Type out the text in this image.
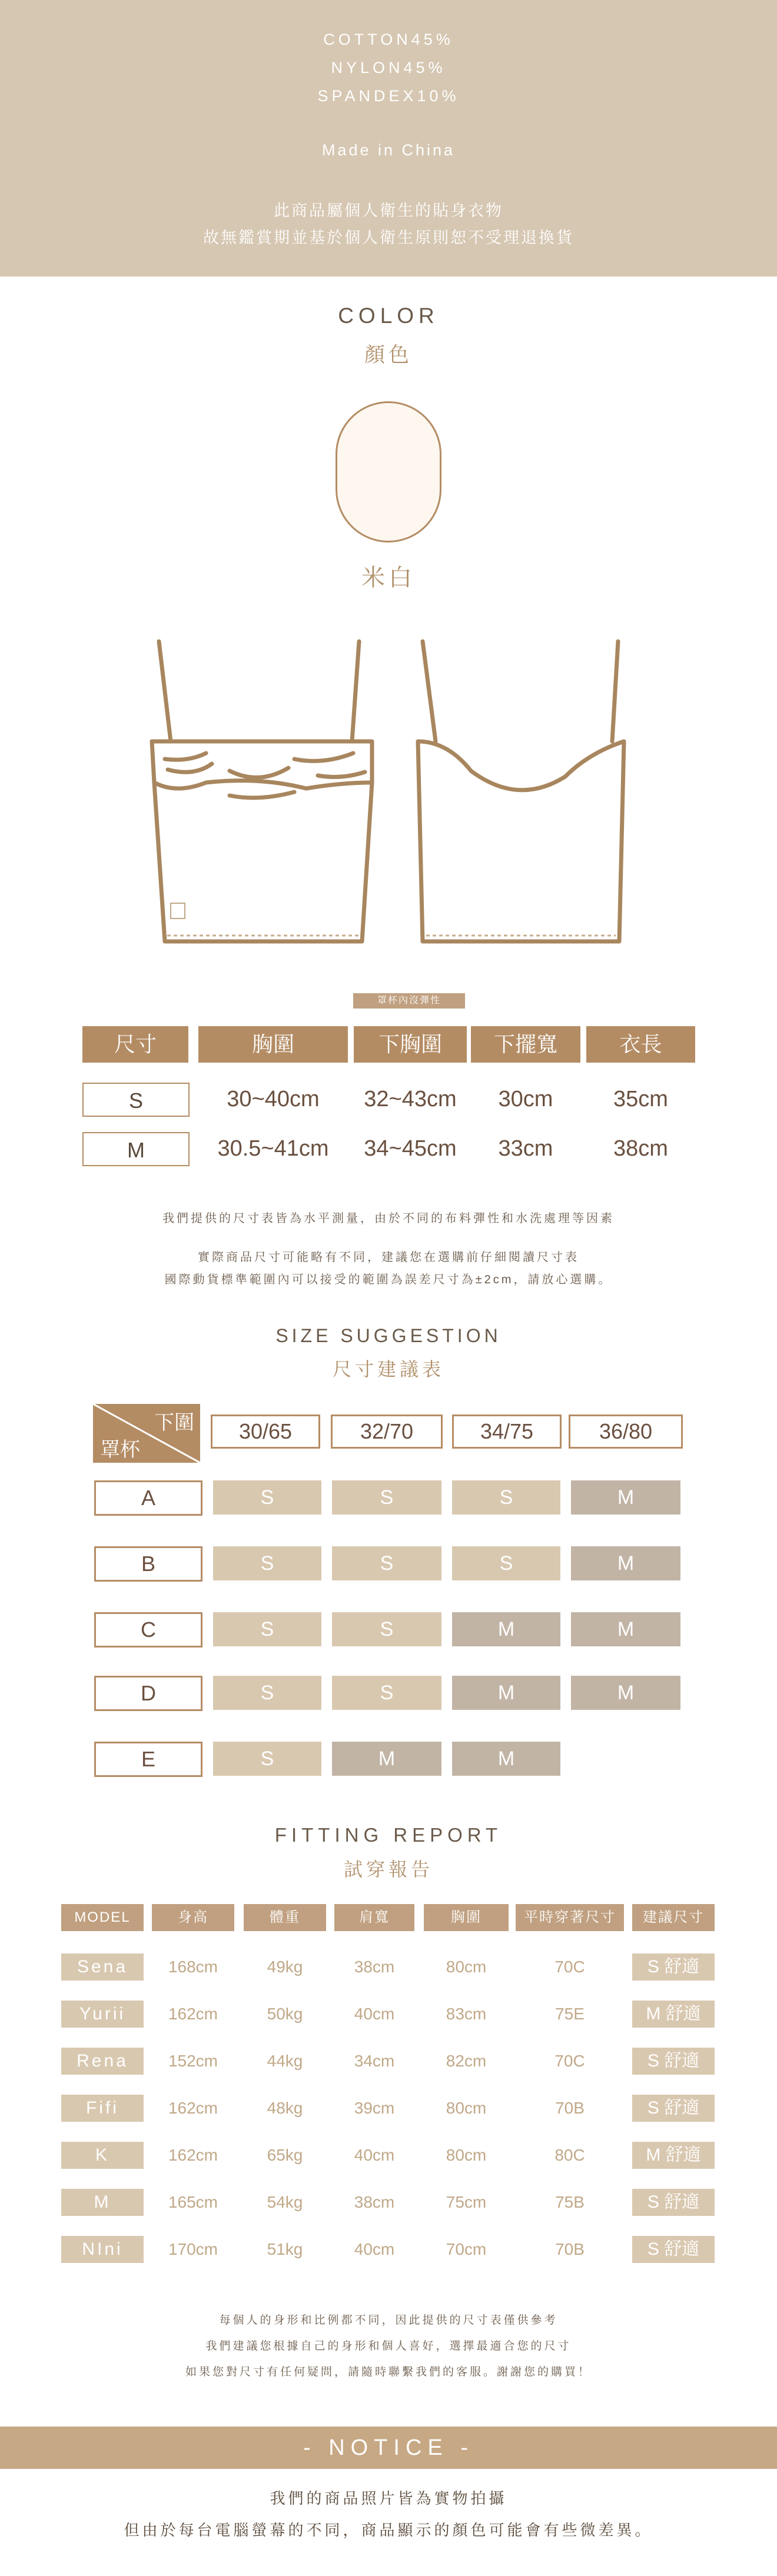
COTTON45%
NYLON45%
SPANDEX10%
Made in China
此商品屬個人衛生的貼身衣物
故無鑑賞期並基於個人衛生原則恕不受理退換貨
COLOR
顏色
米白
罩杯內沒彈性
尺寸	胸圍	下胸圍	下擺寬	衣長
S	30~40cm	32~43cm	30cm	35cm
M	30.5~41cm	34~45cm	33cm	38cm
我們提供的尺寸表皆為水平測量，由於不同的布料彈性和水洗處理等因素
實際商品尺寸可能略有不同，建議您在選購前仔細閱讀尺寸表
國際動貨標準範圍內可以接受的範圍為誤差尺寸為±2cm，請放心選購。
SIZE SUGGESTION
尺寸建議表
下圍
罩杯
30/65	32/70	34/75	36/80
A	S	S	S	M
B	S	S	S	M
C	S	S	M	M
D	S	S	M	M
E	S	M	M
FITTING REPORT
試穿報告
MODEL	身高	體重	肩寬	胸圍	平時穿著尺寸	建議尺寸
Sena	168cm	49kg	38cm	80cm	70C	S 舒適
Yurii	162cm	50kg	40cm	83cm	75E	M 舒適
Rena	152cm	44kg	34cm	82cm	70C	S 舒適
Fifi	162cm	48kg	39cm	80cm	70B	S 舒適
K	162cm	65kg	40cm	80cm	80C	M 舒適
M	165cm	54kg	38cm	75cm	75B	S 舒適
NIni	170cm	51kg	40cm	70cm	70B	S 舒適
每個人的身形和比例都不同，因此提供的尺寸表僅供參考
我們建議您根據自己的身形和個人喜好，選擇最適合您的尺寸
如果您對尺寸有任何疑問，請隨時聯繫我們的客服。謝謝您的購買！
- NOTICE -
我們的商品照片皆為實物拍攝
但由於每台電腦螢幕的不同，商品顯示的顏色可能會有些微差異。
